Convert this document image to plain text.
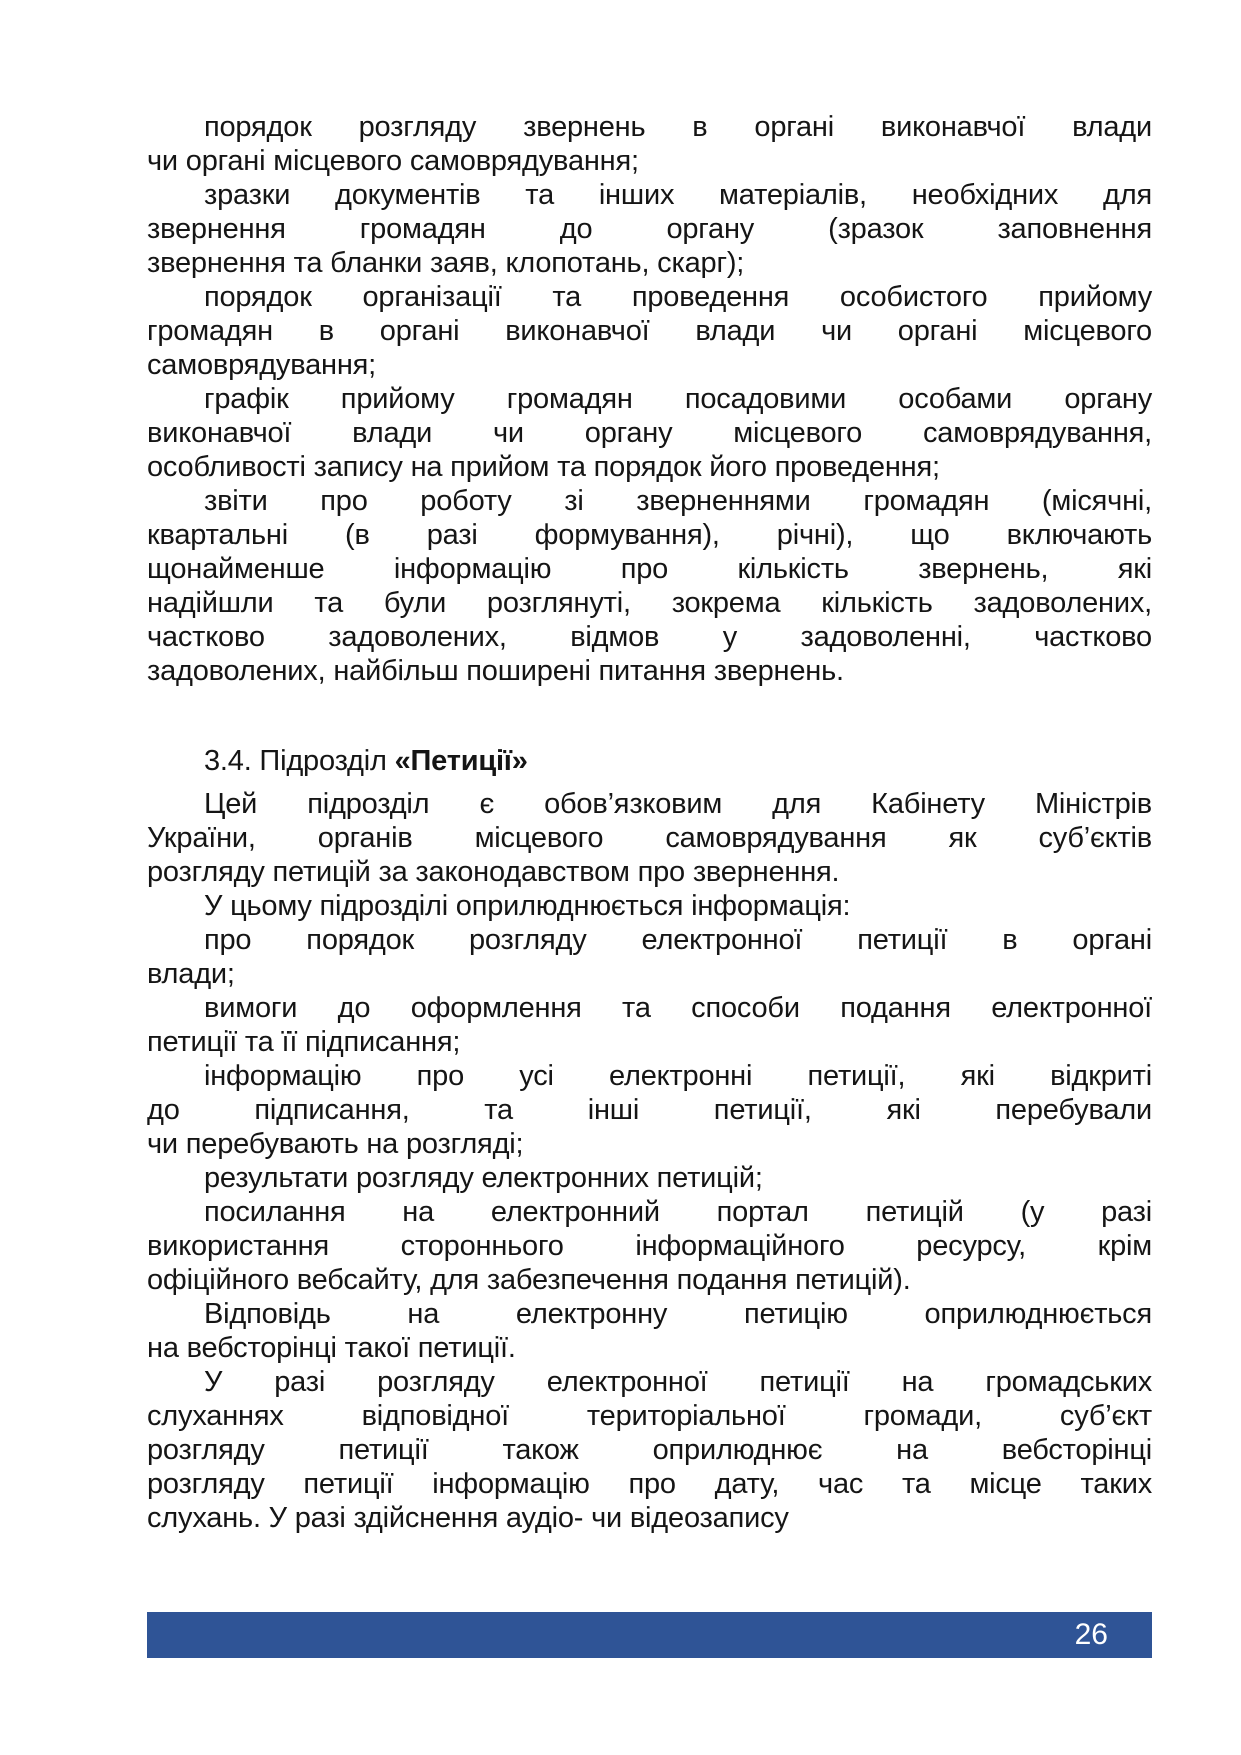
порядок розгляду звернень в органі виконавчої влади
чи органі місцевого самоврядування;

зразки документів та інших матеріалів, необхідних для
звернення громадян до органу (зразок заповнення
звернення та бланки заяв, клопотань, скарг);

порядок організації та проведення особистого прийому
громадян в органі виконавчої влади чи органі місцевого
самоврядування;

графік прийому громадян посадовими особами органу
виконавчої влади чи органу місцевого самоврядування,
особливості запису на прийом та порядок його проведення;

звіти про роботу зі зверненнями громадян (місячні,
квартальні (в разі формування), річні), що включають
щонайменше інформацію про кількість звернень, які
надійшли та були розглянуті, зокрема кількість задоволених,
частково задоволених, відмов у задоволенні, частково
задоволених, найбільш поширені питання звернень.

3.4. Підрозділ «Петиції»

Цей підрозділ є обов’язковим для Кабінету Міністрів
України, органів місцевого самоврядування як суб’єктів
розгляду петицій за законодавством про звернення.

У цьому підрозділі оприлюднюється інформація:

про порядок розгляду електронної петиції в органі
влади;

вимоги до оформлення та способи подання електронної
петиції та її підписання;

інформацію про усі електронні петиції, які відкриті
до підписання, та інші петиції, які перебували
чи перебувають на розгляді;

результати розгляду електронних петицій;

посилання на електронний портал петицій (у разі
використання стороннього інформаційного ресурсу, крім
офіційного вебсайту, для забезпечення подання петицій).

Відповідь на електронну петицію оприлюднюється
на вебсторінці такої петиції.

У разі розгляду електронної петиції на громадських
слуханнях відповідної територіальної громади, суб’єкт
розгляду петиції також оприлюднює на вебсторінці
розгляду петиції інформацію про дату, час та місце таких
слухань. У разі здійснення аудіо- чи відеозапису

26
